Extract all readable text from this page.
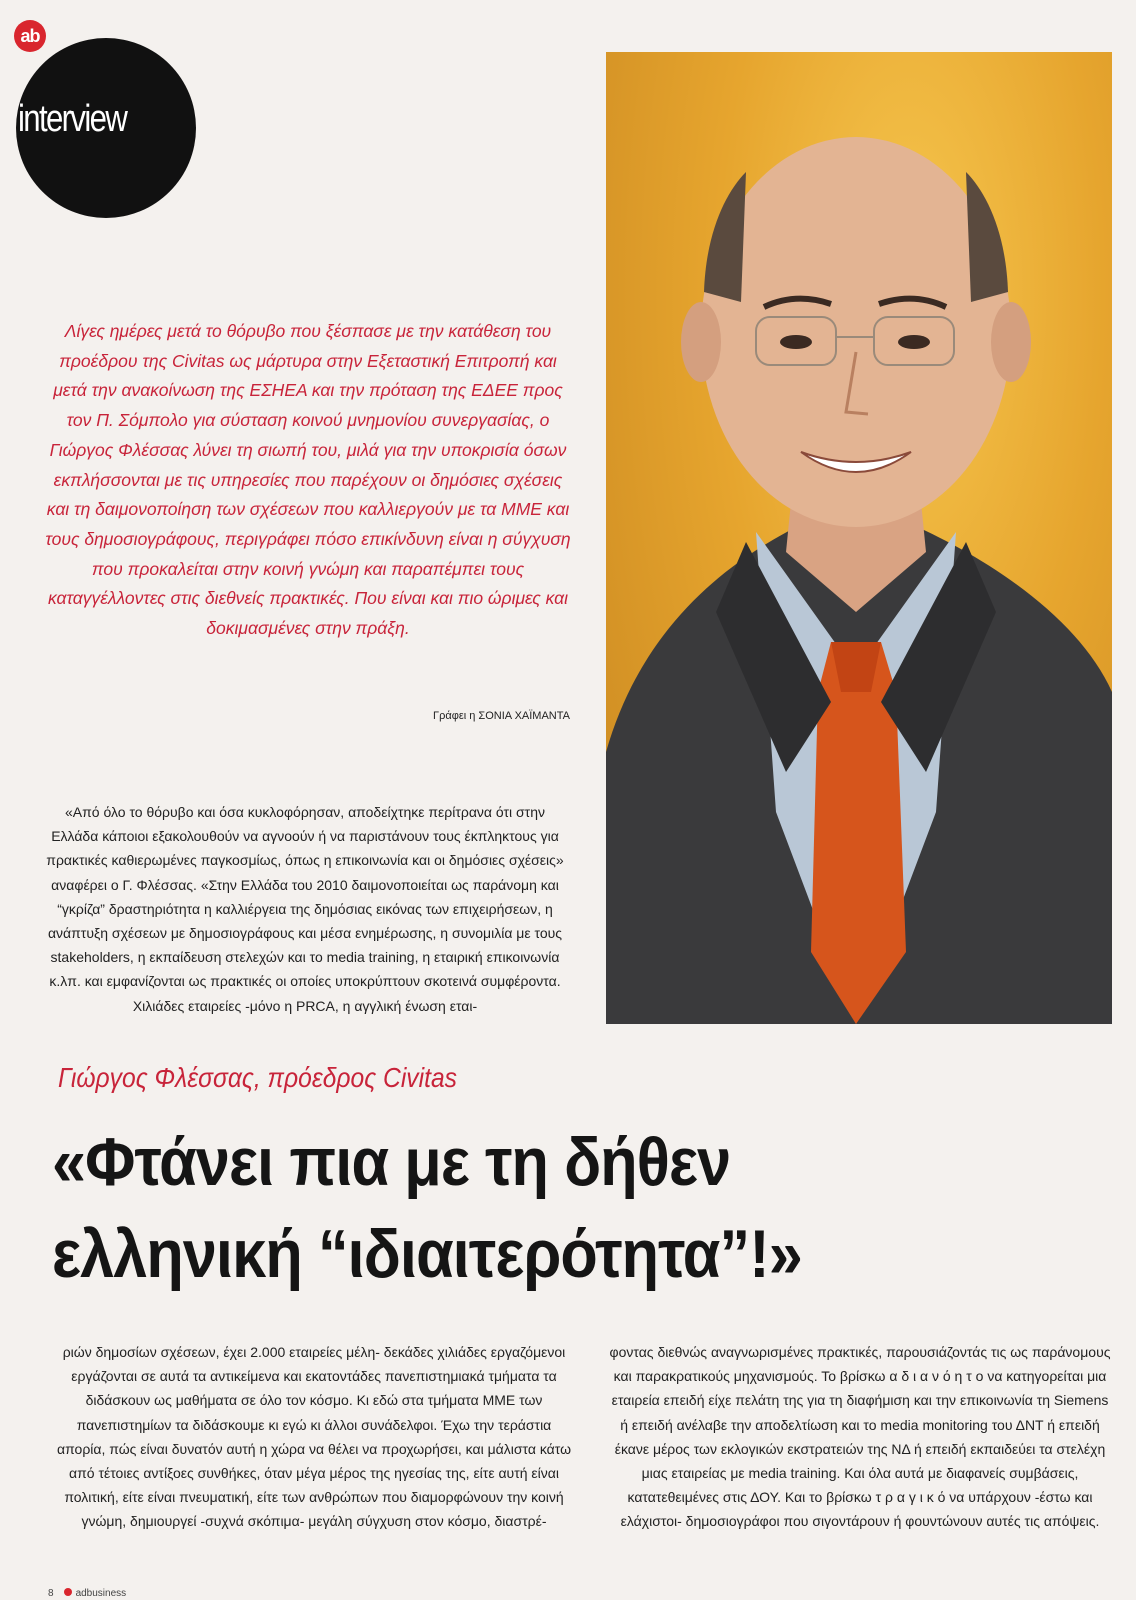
ab
interview
Λίγες ημέρες μετά το θόρυβο που ξέσπασε με την κατάθεση του προέδρου της Civitas ως μάρτυρα στην Εξεταστική Επιτροπή και μετά την ανακοίνωση της ΕΣΗΕΑ και την πρόταση της ΕΔΕΕ προς τον Π. Σόμπολο για σύσταση κοινού μνημονίου συνεργασίας, ο Γιώργος Φλέσσας λύνει τη σιωπή του, μιλά για την υποκρισία όσων εκπλήσσονται με τις υπηρεσίες που παρέχουν οι δημόσιες σχέσεις και τη δαιμονοποίηση των σχέσεων που καλλιεργούν με τα ΜΜΕ και τους δημοσιογράφους, περιγράφει πόσο επικίνδυνη είναι η σύγχυση που προκαλείται στην κοινή γνώμη και παραπέμπει τους καταγγέλλοντες στις διεθνείς πρακτικές. Που είναι και πιο ώριμες και δοκιμασμένες στην πράξη.
Γράφει η ΣΟΝΙΑ ΧΑΪΜΑΝΤΑ
«Από όλο το θόρυβο και όσα κυκλοφόρησαν, αποδείχτηκε περίτρανα ότι στην Ελλάδα κάποιοι εξακολουθούν να αγνοούν ή να παριστάνουν τους έκπληκτους για πρακτικές καθιερωμένες παγκοσμίως, όπως η επικοινωνία και οι δημόσιες σχέσεις» αναφέρει ο Γ. Φλέσσας. «Στην Ελλάδα του 2010 δαιμονοποιείται ως παράνομη και “γκρίζα” δραστηριότητα η καλλιέργεια της δημόσιας εικόνας των επιχειρήσεων, η ανάπτυξη σχέσεων με δημοσιογράφους και μέσα ενημέρωσης, η συνομιλία με τους stakeholders, η εκπαίδευση στελεχών και το media training, η εταιρική επικοινωνία κ.λπ. και εμφανίζονται ως πρακτικές οι οποίες υποκρύπτουν σκοτεινά συμφέροντα. Χιλιάδες εταιρείες -μόνο η PRCA, η αγγλική ένωση εται-
Γιώργος Φλέσσας, πρόεδρος Civitas
«Φτάνει πια με τη δήθεν
ελληνική “ιδιαιτερότητα”!»
ριών δημοσίων σχέσεων, έχει 2.000 εταιρείες μέλη- δεκάδες χιλιάδες εργαζόμενοι εργάζονται σε αυτά τα αντικείμενα και εκατοντάδες πανεπιστημιακά τμήματα τα διδάσκουν ως μαθήματα σε όλο τον κόσμο. Κι εδώ στα τμήματα ΜΜΕ των πανεπιστημίων τα διδάσκουμε κι εγώ κι άλλοι συνάδελφοι. Έχω την τεράστια απορία, πώς είναι δυνατόν αυτή η χώρα να θέλει να προχωρήσει, και μάλιστα κάτω από τέτοιες αντίξοες συνθήκες, όταν μέγα μέρος της ηγεσίας της, είτε αυτή είναι πολιτική, είτε είναι πνευματική, είτε των ανθρώπων που διαμορφώνουν την κοινή γνώμη, δημιουργεί -συχνά σκόπιμα- μεγάλη σύγχυση στον κόσμο, διαστρέ-
φοντας διεθνώς αναγνωρισμένες πρακτικές, παρουσιάζοντάς τις ως παράνομους και παρακρατικούς μηχανισμούς. Το βρίσκω α δ ι α ν ό η τ ο να κατηγορείται μια εταιρεία επειδή είχε πελάτη της για τη διαφήμιση και την επικοινωνία τη Siemens ή επειδή ανέλαβε την αποδελτίωση και το media monitoring του ΔΝΤ ή επειδή έκανε μέρος των εκλογικών εκστρατειών της ΝΔ ή επειδή εκπαιδεύει τα στελέχη μιας εταιρείας με media training. Και όλα αυτά με διαφανείς συμβάσεις, κατατεθειμένες στις ΔΟΥ. Και το βρίσκω τ ρ α γ ι κ ό να υπάρχουν -έστω και ελάχιστοι- δημοσιογράφοι που σιγοντάρουν ή φουντώνουν αυτές τις απόψεις.
8 adbusiness
